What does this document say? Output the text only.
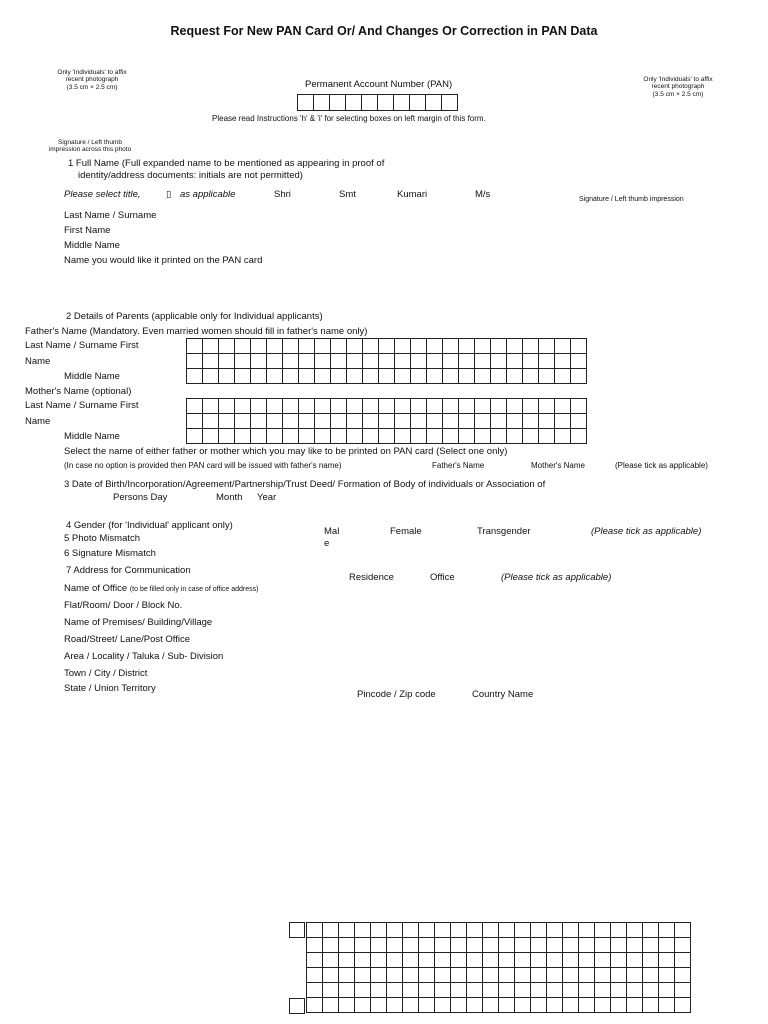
Request For New PAN Card Or/ And Changes Or Correction in PAN Data
Only 'Individuals' to affix
recent photograph
(3.5 cm × 2.5 cm)
Only 'Individuals' to affix
recent photograph
(3.5 cm × 2.5 cm)
Permanent Account Number (PAN)

Please read Instructions 'h' & 'i' for selecting boxes on left margin of this form.
Signature / Left thumb
impression across this photo
Signature / Left thumb impression
1 Full Name (Full expanded name to be mentioned as appearing in proof of
identity/address documents: initials are not permitted)
Please select title,	▯ as applicable	Shri	Smt	Kumari	M/s
Last Name / Surname
First Name
Middle Name
Name you would like it printed on the PAN card
2 Details of Parents (applicable only for Individual applicants)
Father's Name (Mandatory. Even married women should fill in father's name only)
Last Name / Surname First
Name
Middle Name

Mother's Name (optional)
Last Name / Surname First
Name
Middle Name

Select the name of either father or mother which you may like to be printed on PAN card (Select one only)
(In case no option is provided then PAN card will be issued with father's name)	Father's Name	Mother's Name	(Please tick as applicable)
3 Date of Birth/Incorporation/Agreement/Partnership/Trust Deed/ Formation of Body of individuals or Association of
Persons Day	Month Year
4 Gender (for 'Individual' applicant only)
Mal
e
Female	Transgender	(Please tick as applicable)
5 Photo Mismatch
6 Signature Mismatch
7 Address for Communication
Residence	Office	(Please tick as applicable)
Name of Office (to be filled only in case of office address)
Flat/Room/ Door / Block No.
Name of Premises/ Building/Village
Road/Street/ Lane/Post Office
Area / Locality / Taluka / Sub- Division
Town / City / District
State / Union Territory
Pincode / Zip code	Country Name
